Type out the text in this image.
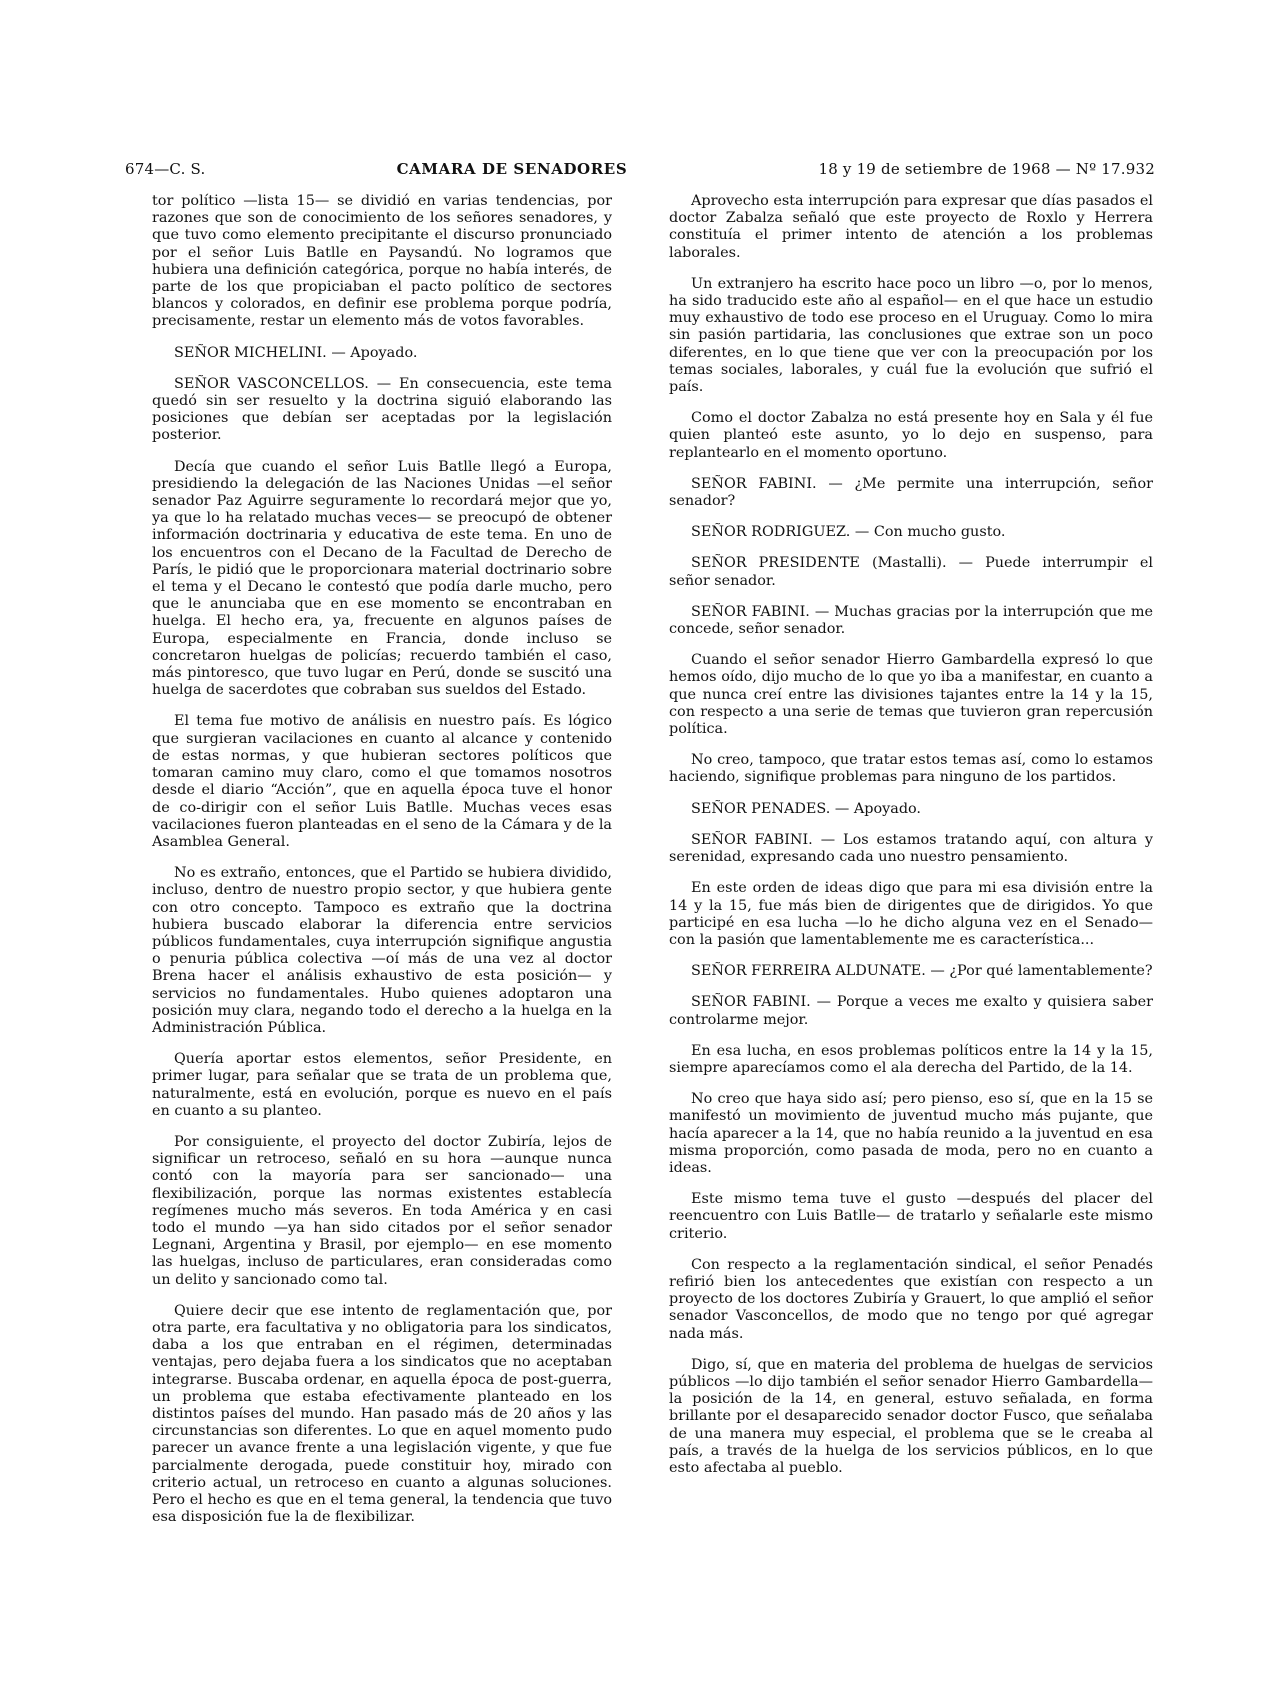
674—C. S.	CAMARA DE SENADORES	18 y 19 de setiembre de 1968 — Nº 17.932

tor político —lista 15— se dividió en varias tendencias, por razones que son de conocimiento de los señores senadores, y que tuvo como elemento precipitante el discurso pronunciado por el señor Luis Batlle en Paysandú. No logramos que hubiera una definición categórica, porque no había interés, de parte de los que propiciaban el pacto político de sectores blancos y colorados, en definir ese problema porque podría, precisamente, restar un elemento más de votos favorables.

SEÑOR MICHELINI. — Apoyado.

SEÑOR VASCONCELLOS. — En consecuencia, este tema quedó sin ser resuelto y la doctrina siguió elaborando las posiciones que debían ser aceptadas por la legislación posterior.

Decía que cuando el señor Luis Batlle llegó a Europa, presidiendo la delegación de las Naciones Unidas —el señor senador Paz Aguirre seguramente lo recordará mejor que yo, ya que lo ha relatado muchas veces— se preocupó de obtener información doctrinaria y educativa de este tema. En uno de los encuentros con el Decano de la Facultad de Derecho de París, le pidió que le proporcionara material doctrinario sobre el tema y el Decano le contestó que podía darle mucho, pero que le anunciaba que en ese momento se encontraban en huelga. El hecho era, ya, frecuente en algunos países de Europa, especialmente en Francia, donde incluso se concretaron huelgas de policías; recuerdo también el caso, más pintoresco, que tuvo lugar en Perú, donde se suscitó una huelga de sacerdotes que cobraban sus sueldos del Estado.

El tema fue motivo de análisis en nuestro país. Es lógico que surgieran vacilaciones en cuanto al alcance y contenido de estas normas, y que hubieran sectores políticos que tomaran camino muy claro, como el que tomamos nosotros desde el diario “Acción”, que en aquella época tuve el honor de co-dirigir con el señor Luis Batlle. Muchas veces esas vacilaciones fueron planteadas en el seno de la Cámara y de la Asamblea General.

No es extraño, entonces, que el Partido se hubiera dividido, incluso, dentro de nuestro propio sector, y que hubiera gente con otro concepto. Tampoco es extraño que la doctrina hubiera buscado elaborar la diferencia entre servicios públicos fundamentales, cuya interrupción signifique angustia o penuria pública colectiva —oí más de una vez al doctor Brena hacer el análisis exhaustivo de esta posición— y servicios no fundamentales. Hubo quienes adoptaron una posición muy clara, negando todo el derecho a la huelga en la Administración Pública.

Quería aportar estos elementos, señor Presidente, en primer lugar, para señalar que se trata de un problema que, naturalmente, está en evolución, porque es nuevo en el país en cuanto a su planteo.

Por consiguiente, el proyecto del doctor Zubiría, lejos de significar un retroceso, señaló en su hora —aunque nunca contó con la mayoría para ser sancionado— una flexibilización, porque las normas existentes establecía regímenes mucho más severos. En toda América y en casi todo el mundo —ya han sido citados por el señor senador Legnani, Argentina y Brasil, por ejemplo— en ese momento las huelgas, incluso de particulares, eran consideradas como un delito y sancionado como tal.

Quiere decir que ese intento de reglamentación que, por otra parte, era facultativa y no obligatoria para los sindicatos, daba a los que entraban en el régimen, determinadas ventajas, pero dejaba fuera a los sindicatos que no aceptaban integrarse. Buscaba ordenar, en aquella época de post-guerra, un problema que estaba efectivamente planteado en los distintos países del mundo. Han pasado más de 20 años y las circunstancias son diferentes. Lo que en aquel momento pudo parecer un avance frente a una legislación vigente, y que fue parcialmente derogada, puede constituir hoy, mirado con criterio actual, un retroceso en cuanto a algunas soluciones. Pero el hecho es que en el tema general, la tendencia que tuvo esa disposición fue la de flexibilizar.

Aprovecho esta interrupción para expresar que días pasados el doctor Zabalza señaló que este proyecto de Roxlo y Herrera constituía el primer intento de atención a los problemas laborales.

Un extranjero ha escrito hace poco un libro —o, por lo menos, ha sido traducido este año al español— en el que hace un estudio muy exhaustivo de todo ese proceso en el Uruguay. Como lo mira sin pasión partidaria, las conclusiones que extrae son un poco diferentes, en lo que tiene que ver con la preocupación por los temas sociales, laborales, y cuál fue la evolución que sufrió el país.

Como el doctor Zabalza no está presente hoy en Sala y él fue quien planteó este asunto, yo lo dejo en suspenso, para replantearlo en el momento oportuno.

SEÑOR FABINI. — ¿Me permite una interrupción, señor senador?

SEÑOR RODRIGUEZ. — Con mucho gusto.

SEÑOR PRESIDENTE (Mastalli). — Puede interrumpir el señor senador.

SEÑOR FABINI. — Muchas gracias por la interrupción que me concede, señor senador.

Cuando el señor senador Hierro Gambardella expresó lo que hemos oído, dijo mucho de lo que yo iba a manifestar, en cuanto a que nunca creí entre las divisiones tajantes entre la 14 y la 15, con respecto a una serie de temas que tuvieron gran repercusión política.

No creo, tampoco, que tratar estos temas así, como lo estamos haciendo, signifique problemas para ninguno de los partidos.

SEÑOR PENADES. — Apoyado.

SEÑOR FABINI. — Los estamos tratando aquí, con altura y serenidad, expresando cada uno nuestro pensamiento.

En este orden de ideas digo que para mi esa división entre la 14 y la 15, fue más bien de dirigentes que de dirigidos. Yo que participé en esa lucha —lo he dicho alguna vez en el Senado— con la pasión que lamentablemente me es característica...

SEÑOR FERREIRA ALDUNATE. — ¿Por qué lamentablemente?

SEÑOR FABINI. — Porque a veces me exalto y quisiera saber controlarme mejor.

En esa lucha, en esos problemas políticos entre la 14 y la 15, siempre aparecíamos como el ala derecha del Partido, de la 14.

No creo que haya sido así; pero pienso, eso sí, que en la 15 se manifestó un movimiento de juventud mucho más pujante, que hacía aparecer a la 14, que no había reunido a la juventud en esa misma proporción, como pasada de moda, pero no en cuanto a ideas.

Este mismo tema tuve el gusto —después del placer del reencuentro con Luis Batlle— de tratarlo y señalarle este mismo criterio.

Con respecto a la reglamentación sindical, el señor Penadés refirió bien los antecedentes que existían con respecto a un proyecto de los doctores Zubiría y Grauert, lo que amplió el señor senador Vasconcellos, de modo que no tengo por qué agregar nada más.

Digo, sí, que en materia del problema de huelgas de servicios públicos —lo dijo también el señor senador Hierro Gambardella— la posición de la 14, en general, estuvo señalada, en forma brillante por el desaparecido senador doctor Fusco, que señalaba de una manera muy especial, el problema que se le creaba al país, a través de la huelga de los servicios públicos, en lo que esto afectaba al pueblo.
